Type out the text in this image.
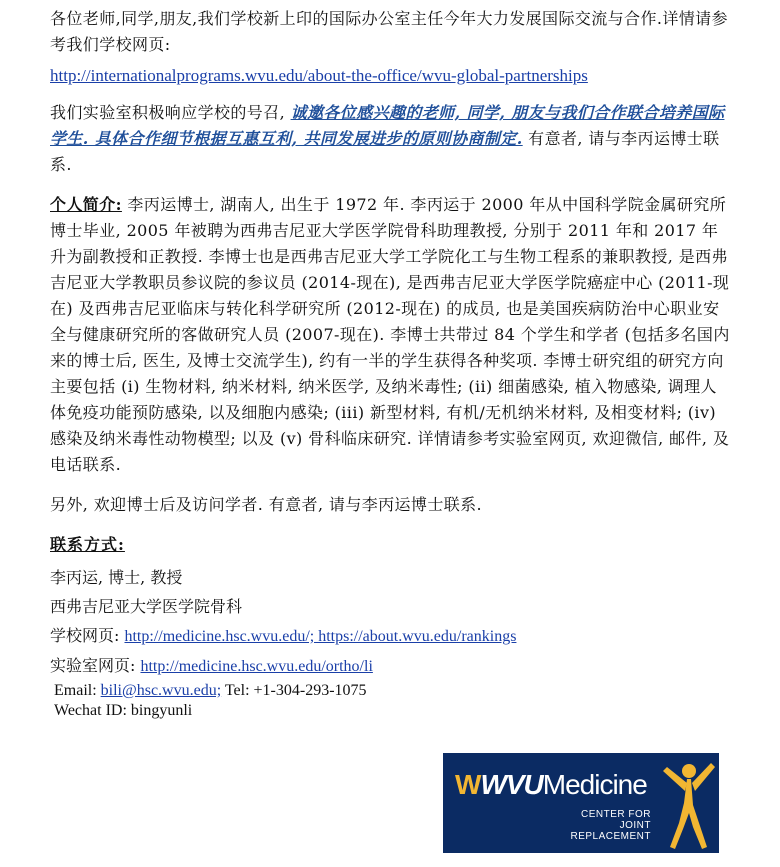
各位老师,同学,朋友,我们学校新上印的国际办公室主任今年大力发展国际交流与合作.详情请参考我们学校网页:

http://internationalprograms.wvu.edu/about-the-office/wvu-global-partnerships

我们实验室积极响应学校的号召, 诚邀各位感兴趣的老师, 同学, 朋友与我们合作联合培养国际学生. 具体合作细节根据互惠互利, 共同发展进步的原则协商制定. 有意者, 请与李丙运博士联系.

个人简介: 李丙运博士, 湖南人, 出生于 1972 年. 李丙运于 2000 年从中国科学院金属研究所博士毕业, 2005 年被聘为西弗吉尼亚大学医学院骨科助理教授, 分别于 2011 年和 2017 年升为副教授和正教授. 李博士也是西弗吉尼亚大学工学院化工与生物工程系的兼职教授, 是西弗吉尼亚大学教职员参议院的参议员 (2014-现在), 是西弗吉尼亚大学医学院癌症中心 (2011-现在) 及西弗吉尼亚临床与转化科学研究所 (2012-现在) 的成员, 也是美国疾病防治中心职业安全与健康研究所的客做研究人员 (2007-现在). 李博士共带过 84 个学生和学者 (包括多名国内来的博士后, 医生, 及博士交流学生), 约有一半的学生获得各种奖项. 李博士研究组的研究方向主要包括 (i) 生物材料, 纳米材料, 纳米医学, 及纳米毒性; (ii) 细菌感染, 植入物感染, 调理人体免疫功能预防感染, 以及细胞内感染; (iii) 新型材料, 有机/无机纳米材料, 及相变材料; (iv) 感染及纳米毒性动物模型; 以及 (v) 骨科临床研究. 详情请参考实验室网页, 欢迎微信, 邮件, 及电话联系.

另外, 欢迎博士后及访问学者. 有意者, 请与李丙运博士联系.

联系方式:

李丙运, 博士, 教授

西弗吉尼亚大学医学院骨科

学校网页: http://medicine.hsc.wvu.edu/; https://about.wvu.edu/rankings

实验室网页: http://medicine.hsc.wvu.edu/ortho/li

Email: bili@hsc.wvu.edu; Tel: +1-304-293-1075

Wechat ID: bingyunli

WWVUMedicine
CENTER FOR
JOINT REPLACEMENT
